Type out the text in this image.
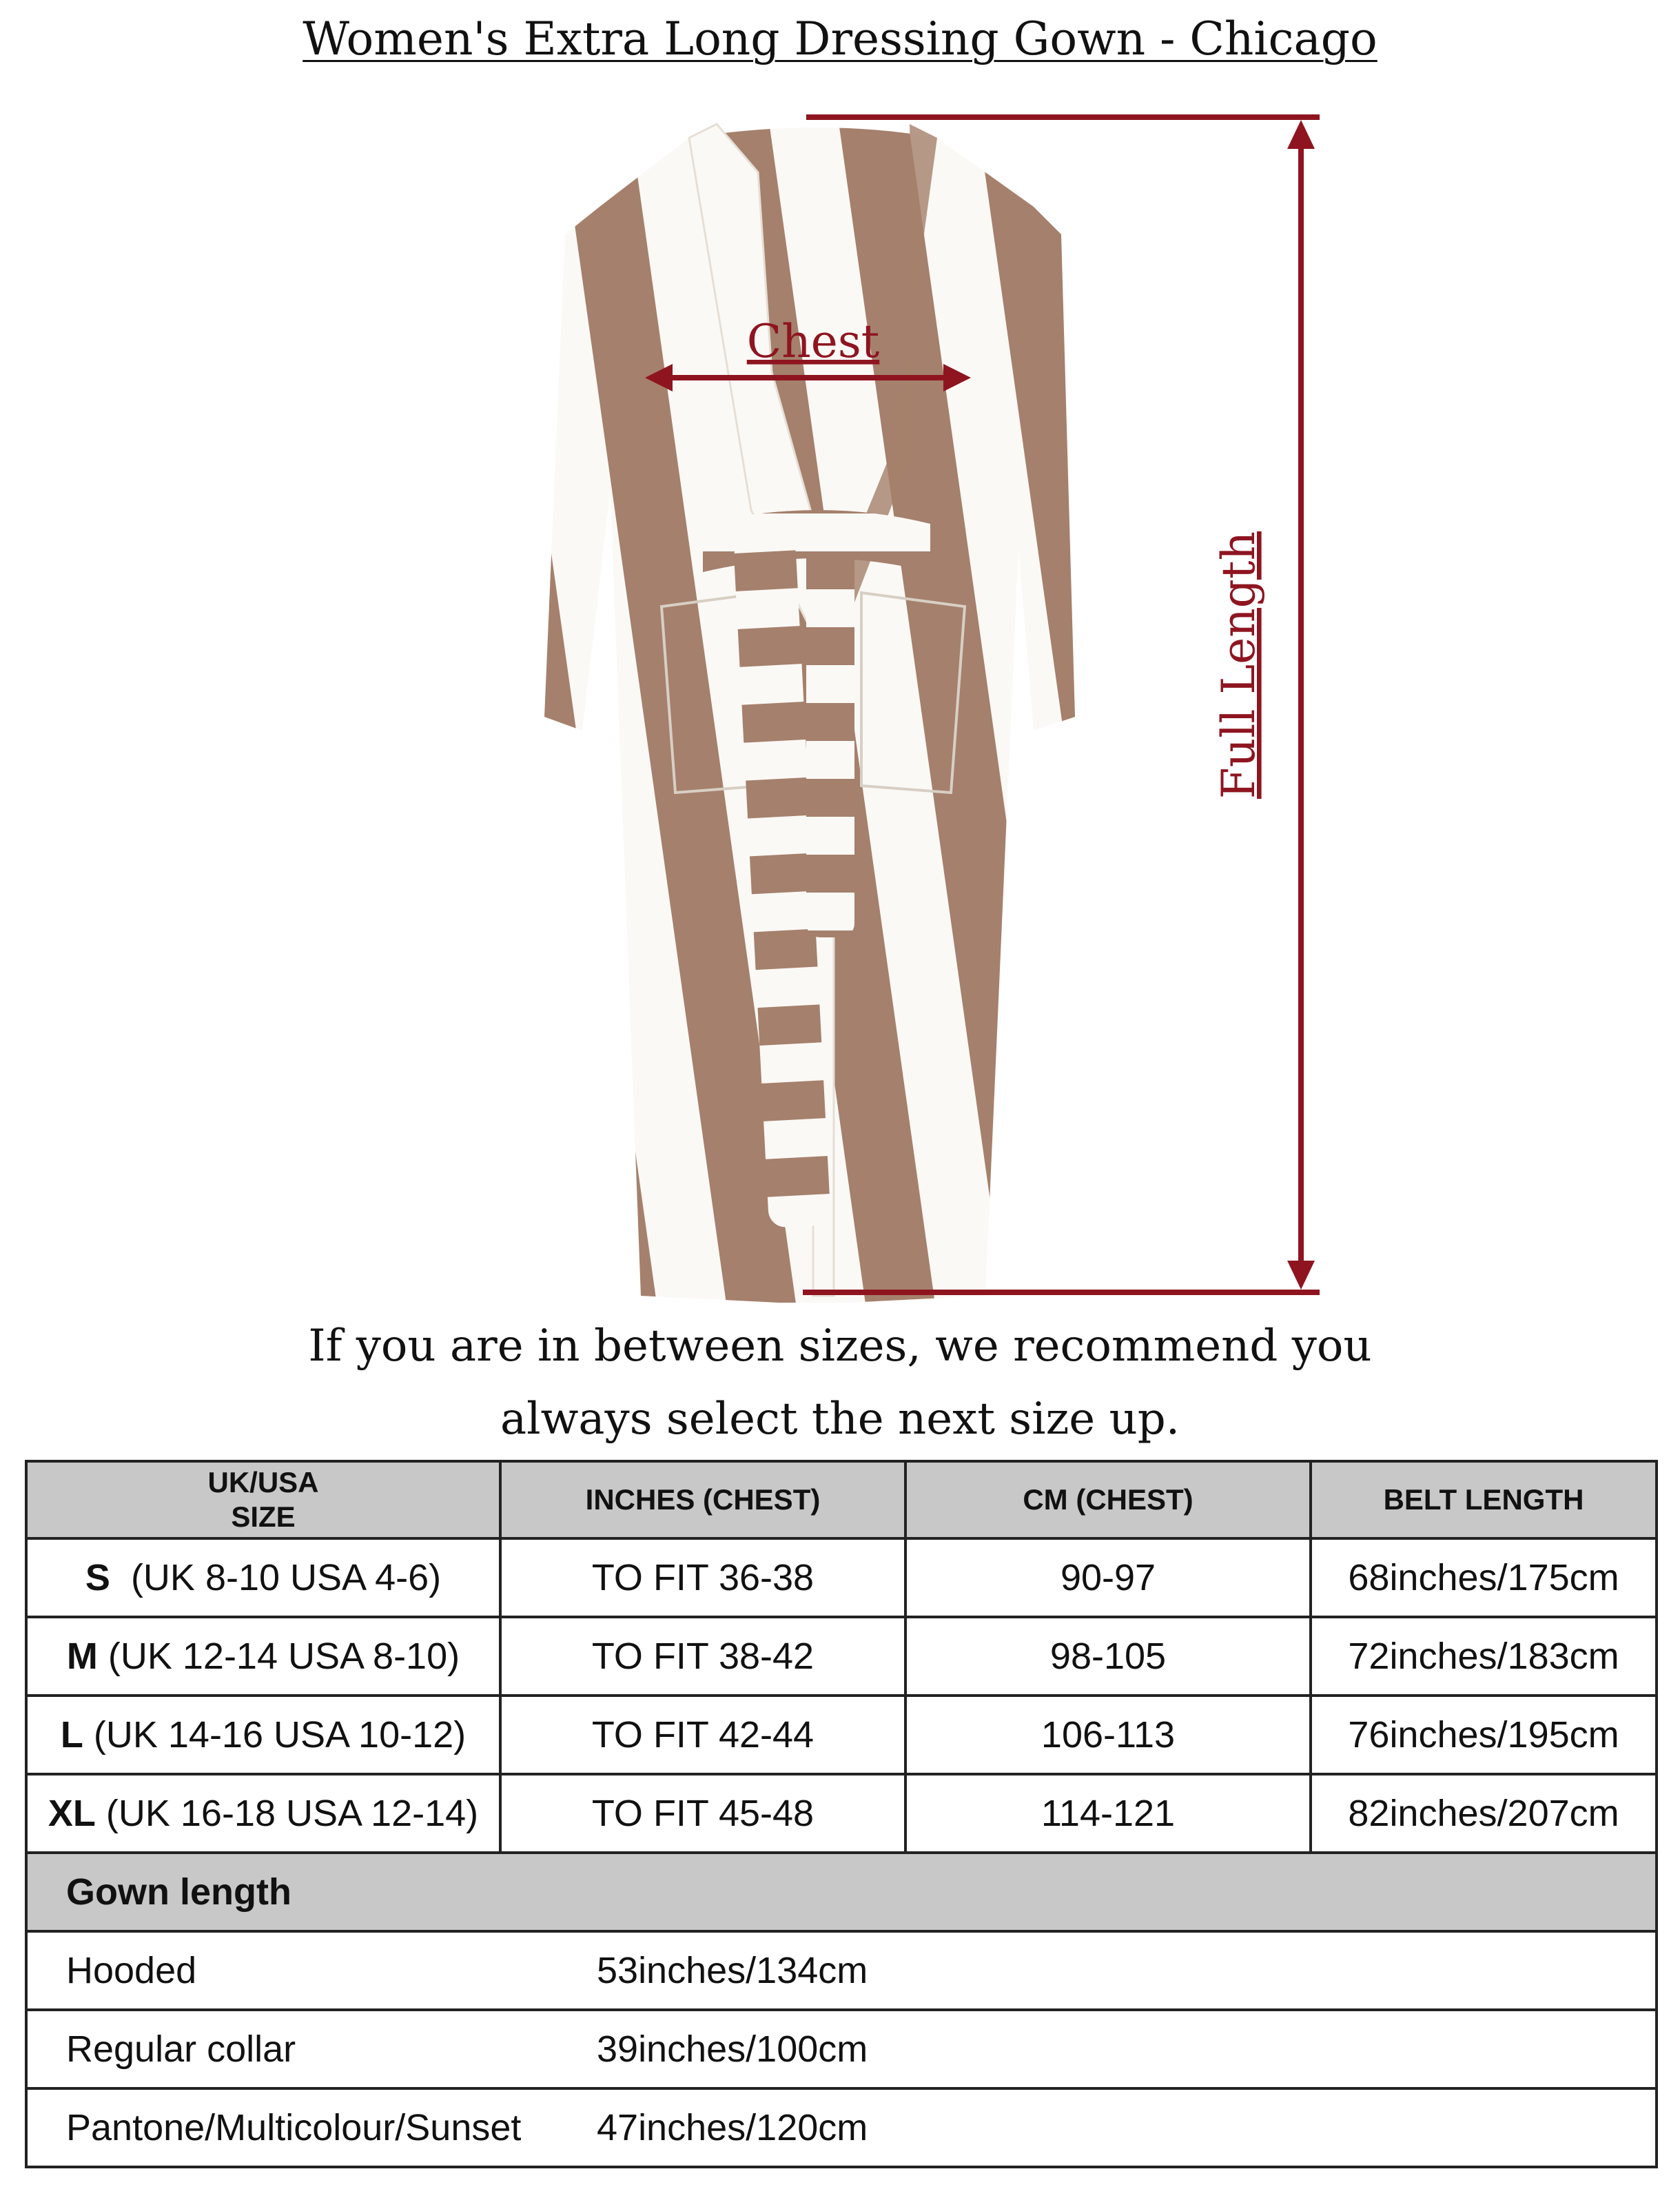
Women's Extra Long Dressing Gown - Chicago
Chest
Full Length
If you are in between sizes, we recommend you
always select the next size up.
UK/USA
SIZE	INCHES (CHEST)	CM (CHEST)	BELT LENGTH
S (UK 8-10 USA 4-6)	TO FIT 36-38	90-97	68inches/175cm
M (UK 12-14 USA 8-10)	TO FIT 38-42	98-105	72inches/183cm
L (UK 14-16 USA 10-12)	TO FIT 42-44	106-113	76inches/195cm
XL (UK 16-18 USA 12-14)	TO FIT 45-48	114-121	82inches/207cm
Gown length			
Hooded 53inches/134cm			
Regular collar 39inches/100cm			
Pantone/Multicolour/Sunset 47inches/120cm			
